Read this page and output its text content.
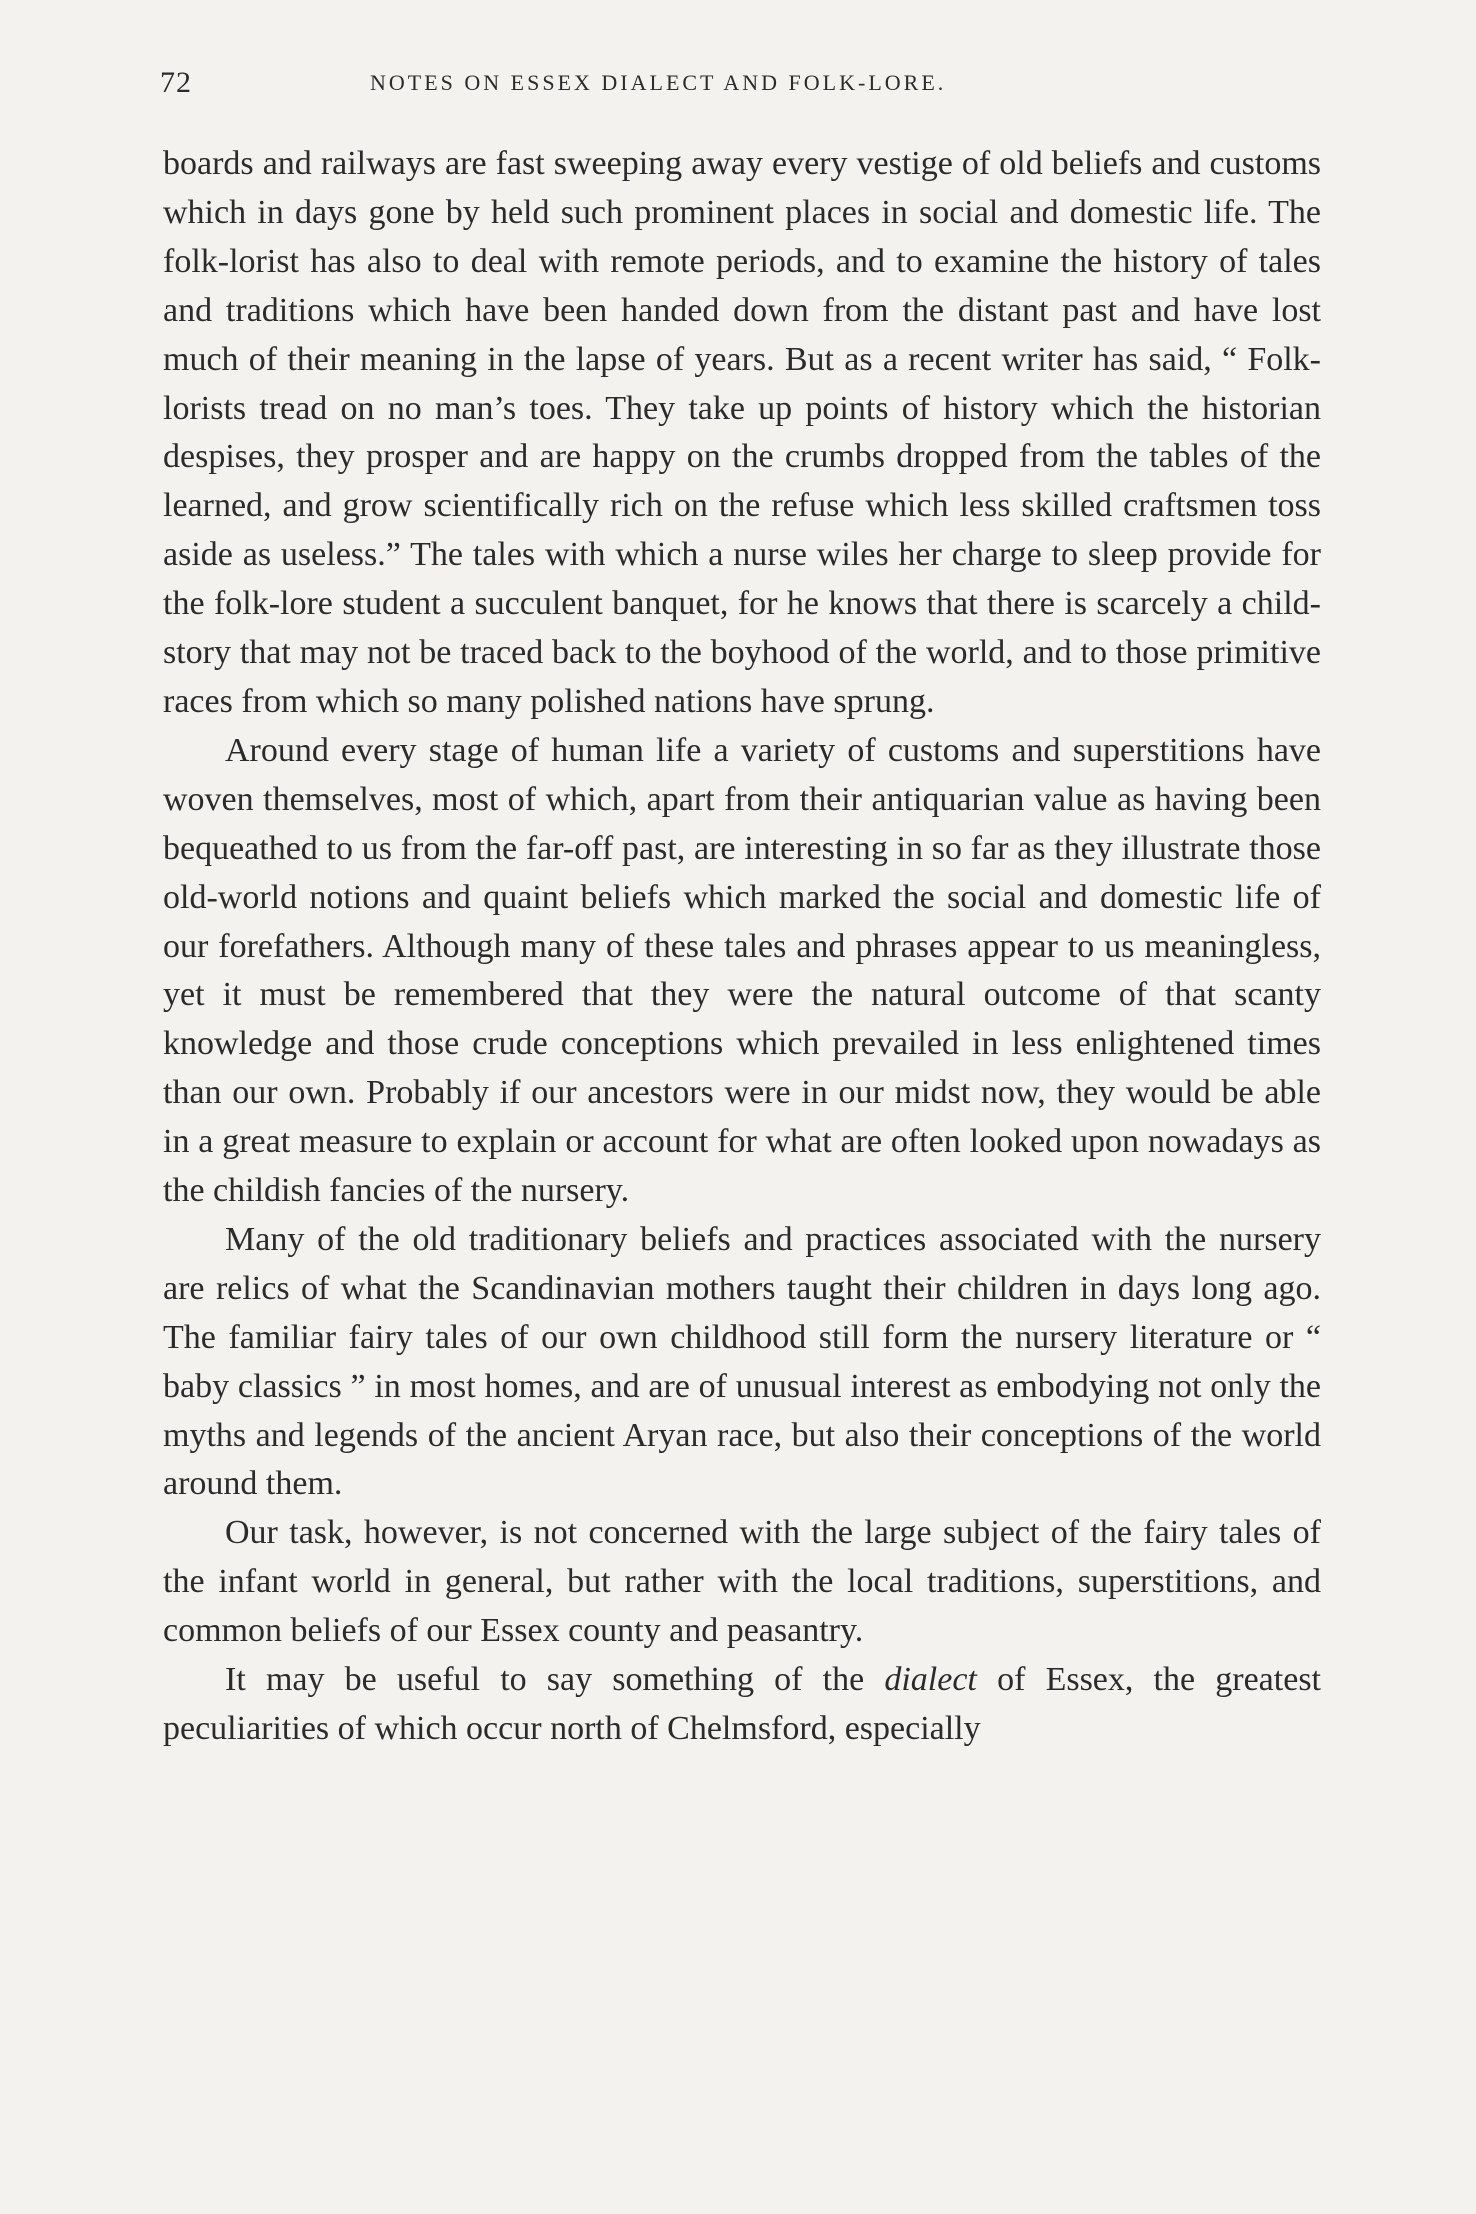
72	NOTES ON ESSEX DIALECT AND FOLK-LORE.

boards and railways are fast sweeping away every vestige of old beliefs and customs which in days gone by held such prominent places in social and domestic life. The folk-lorist has also to deal with remote periods, and to examine the history of tales and traditions which have been handed down from the distant past and have lost much of their meaning in the lapse of years. But as a recent writer has said, “ Folk-lorists tread on no man’s toes. They take up points of history which the historian despises, they prosper and are happy on the crumbs dropped from the tables of the learned, and grow scientifically rich on the refuse which less skilled craftsmen toss aside as useless.” The tales with which a nurse wiles her charge to sleep provide for the folk-lore student a succulent banquet, for he knows that there is scarcely a child-story that may not be traced back to the boyhood of the world, and to those primitive races from which so many polished nations have sprung.

Around every stage of human life a variety of customs and superstitions have woven themselves, most of which, apart from their antiquarian value as having been bequeathed to us from the far-off past, are interesting in so far as they illustrate those old-world notions and quaint beliefs which marked the social and domestic life of our forefathers. Although many of these tales and phrases appear to us meaningless, yet it must be remembered that they were the natural outcome of that scanty knowledge and those crude conceptions which prevailed in less enlightened times than our own. Probably if our ancestors were in our midst now, they would be able in a great measure to explain or account for what are often looked upon nowadays as the childish fancies of the nursery.

Many of the old traditionary beliefs and practices associated with the nursery are relics of what the Scandinavian mothers taught their children in days long ago. The familiar fairy tales of our own childhood still form the nursery literature or “ baby classics ” in most homes, and are of unusual interest as embodying not only the myths and legends of the ancient Aryan race, but also their conceptions of the world around them.

Our task, however, is not concerned with the large subject of the fairy tales of the infant world in general, but rather with the local traditions, superstitions, and common beliefs of our Essex county and peasantry.

It may be useful to say something of the dialect of Essex, the greatest peculiarities of which occur north of Chelmsford, especially
